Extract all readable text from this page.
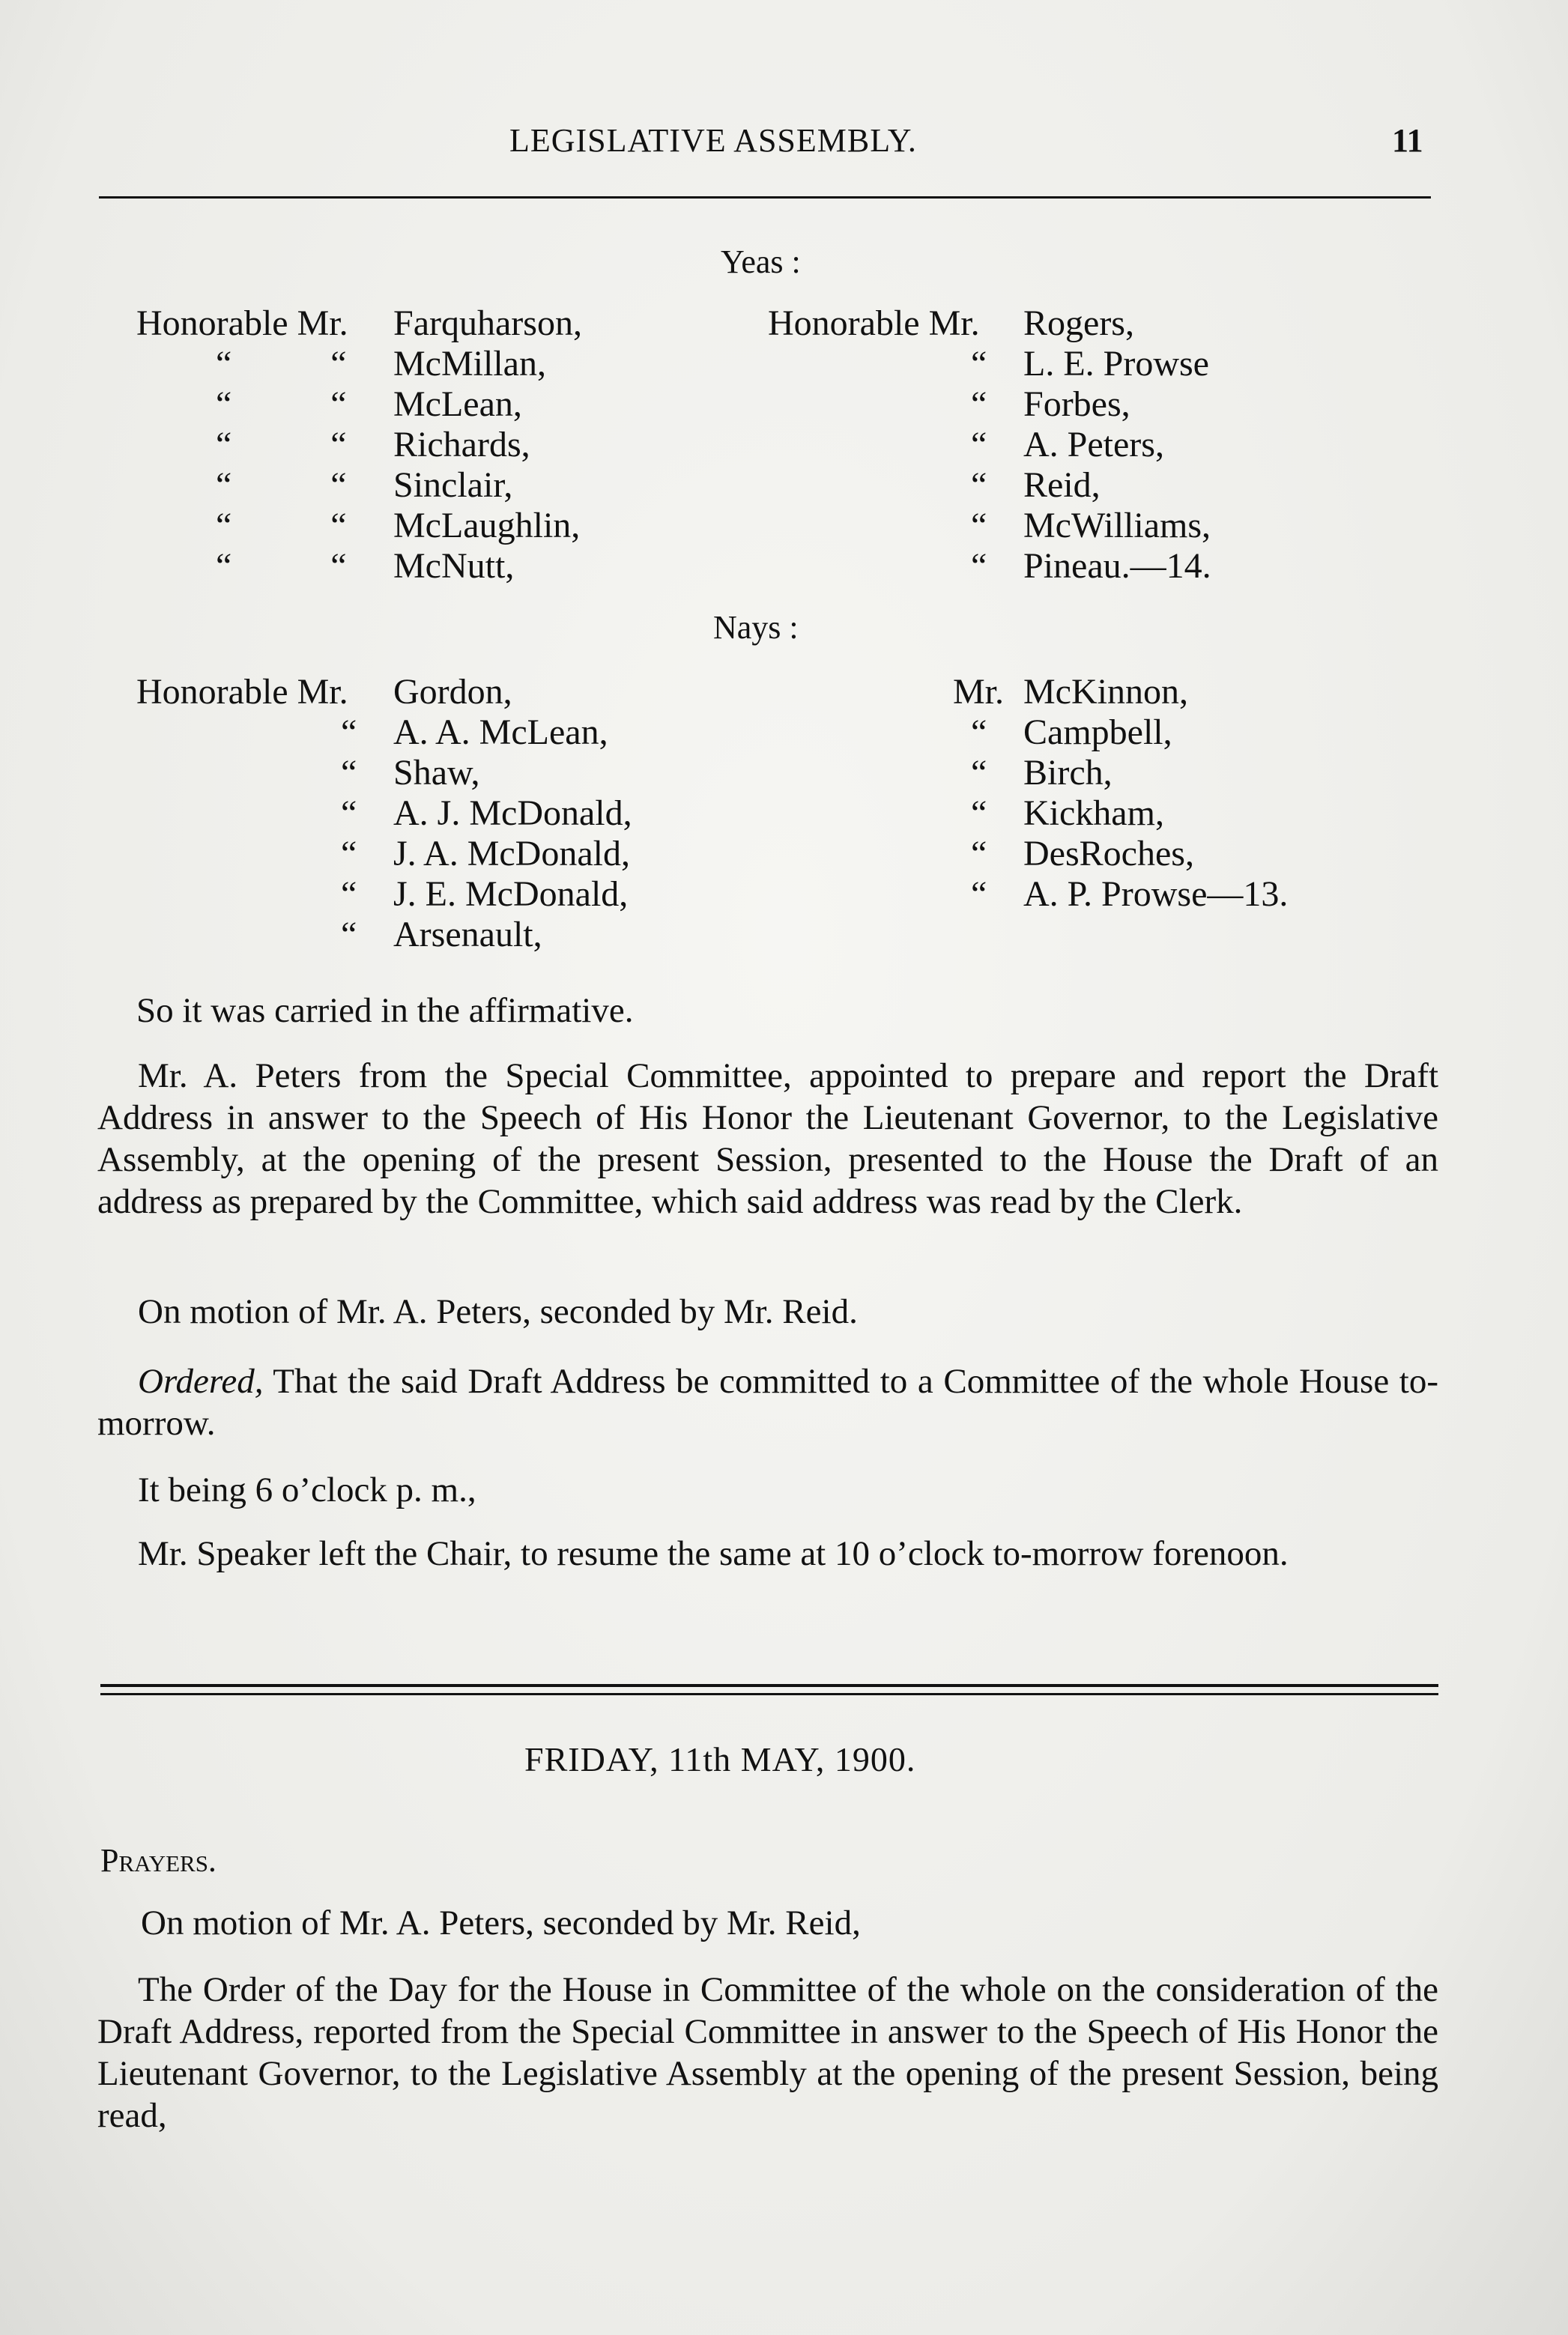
LEGISLATIVE ASSEMBLY.	11
Yeas :
Honorable Mr. Farquharson,
“           “ McMillan,
“           “ McLean,
“           “ Richards,
“           “ Sinclair,
“           “ McLaughlin,
“           “ McNutt,
Honorable Mr. Rogers,
“ L. E. Prowse
“ Forbes,
“ A. Peters,
“ Reid,
“ McWilliams,
“ Pineau.—14.
Nays :
Honorable Mr. Gordon,
“ A. A. McLean,
“ Shaw,
“ A. J. McDonald,
“ J. A. McDonald,
“ J. E. McDonald,
“ Arsenault,
Mr. McKinnon,
“ Campbell,
“ Birch,
“ Kickham,
“ DesRoches,
“ A. P. Prowse—13.
So it was carried in the affirmative.
Mr. A. Peters from the Special Committee, appointed to prepare and report the Draft Address in answer to the Speech of His Honor the Lieutenant Governor, to the Legislative Assembly, at the opening of the present Session, presented to the House the Draft of an address as prepared by the Committee, which said address was read by the Clerk.
On motion of Mr. A. Peters, seconded by Mr. Reid.
Ordered, That the said Draft Address be committed to a Committee of the whole House to-morrow.
It being 6 o’clock p. m.,
Mr. Speaker left the Chair, to resume the same at 10 o’clock to-morrow forenoon.
FRIDAY, 11th MAY, 1900.
Prayers.
On motion of Mr. A. Peters, seconded by Mr. Reid,
The Order of the Day for the House in Committee of the whole on the consideration of the Draft Address, reported from the Special Committee in answer to the Speech of His Honor the Lieutenant Governor, to the Legislative Assembly at the opening of the present Session, being read,
